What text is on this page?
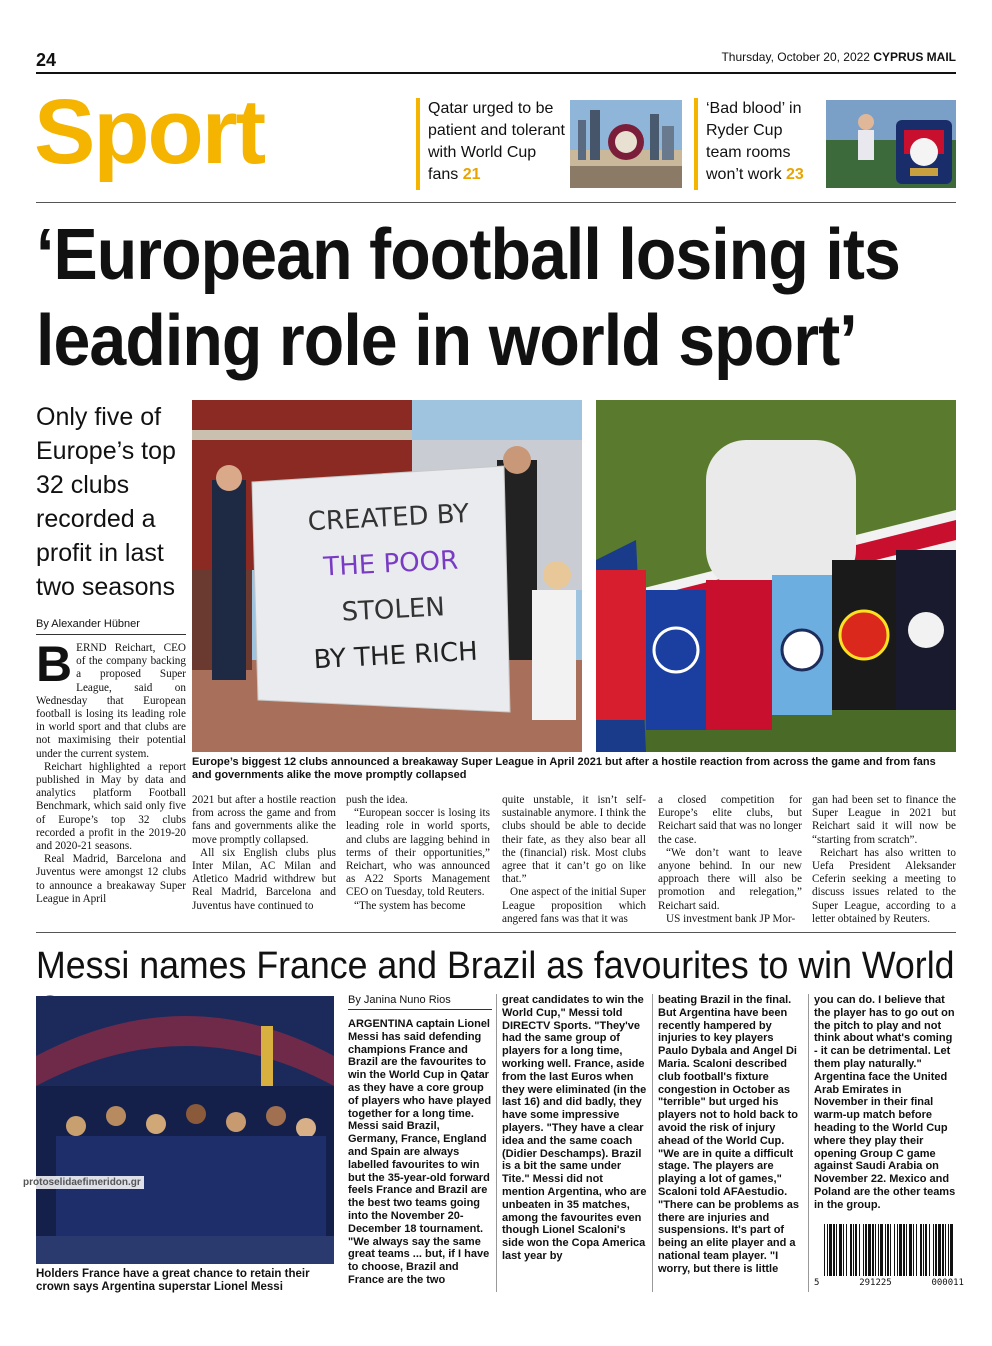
24	Thursday, October 20, 2022 CYPRUS MAIL
Sport	Qatar urged to be patient and tolerant with World Cup fans 21
‘Bad blood’ in Ryder Cup team rooms won’t work 23
‘European football losing its leading role in world sport’
Only five of Europe’s top 32 clubs recorded a profit in last two seasons
By Alexander Hübner
CREATED BY
THE POOR
STOLEN
BY THE RICH
Europe’s biggest 12 clubs announced a breakaway Super League in April 2021 but after a hostile reaction from across the game and from fans and governments alike the move promptly collapsed
B ERND Reichart, CEO of the company backing a proposed Super League, said on Wednesday that European football is losing its leading role in world sport and that clubs are not maximising their potential under the current system.

Reichart highlighted a report published in May by data and analytics platform Football Benchmark, which said only five of Europe’s top 32 clubs recorded a profit in the 2019-20 and 2020-21 seasons.

Real Madrid, Barcelona and Juventus were amongst 12 clubs to announce a breakaway Super League in April

2021 but after a hostile reaction from across the game and from fans and governments alike the move promptly collapsed.

All six English clubs plus Inter Milan, AC Milan and Atletico Madrid withdrew but Real Madrid, Barcelona and Juventus have continued to

push the idea.

“European soccer is losing its leading role in world sports, and clubs are lagging behind in terms of their opportunities,” Reichart, who was announced as A22 Sports Management CEO on Tuesday, told Reuters.

“The system has become

quite unstable, it isn’t self-sustainable anymore. I think the clubs should be able to decide their fate, as they also bear all the (financial) risk. Most clubs agree that it can’t go on like that.”

One aspect of the initial Super League proposition which angered fans was that it was

a closed competition for Europe’s elite clubs, but Reichart said that was no longer the case.

“We don’t want to leave anyone behind. In our new approach there will also be promotion and relegation,” Reichart said.

US investment bank JP Mor-

gan had been set to finance the Super League in 2021 but Reichart said it will now be “starting from scratch”.

Reichart has also written to Uefa President Aleksander Ceferin seeking a meeting to discuss issues related to the Super League, according to a letter obtained by Reuters.

Messi names France and Brazil as favourites to win World
protoselidaefimeridon.gr
Holders France have a great chance to retain their crown says Argentina superstar Lionel Messi
By Janina Nuno Rios
ARGENTINA captain Lionel Messi has said defending champions France and Brazil are the favourites to win the World Cup in Qatar as they have a core group of players who have played together for a long time. Messi said Brazil, Germany, France, England and Spain are always labelled favourites to win but the 35-year-old forward feels France and Brazil are the best two teams going into the November 20-December 18 tournament. "We always say the same great teams ... but, if I have to choose, Brazil and France are the two
great candidates to win the World Cup," Messi told DIRECTV Sports. "They've had the same group of players for a long time, working well. France, aside from the last Euros when they were eliminated (in the last 16) and did badly, they have some impressive players. "They have a clear idea and the same coach (Didier Deschamps). Brazil is a bit the same under Tite." Messi did not mention Argentina, who are unbeaten in 35 matches, among the favourites even though Lionel Scaloni's side won the Copa America last year by
beating Brazil in the final. But Argentina have been recently hampered by injuries to key players Paulo Dybala and Angel Di Maria. Scaloni described club football's fixture congestion in October as "terrible" but urged his players not to hold back to avoid the risk of injury ahead of the World Cup. "We are in quite a difficult stage. The players are playing a lot of games," Scaloni told AFAestudio. "There can be problems as there are injuries and suspensions. It's part of being an elite player and a national team player. "I worry, but there is little
you can do. I believe that the player has to go out on the pitch to play and not think about what's coming - it can be detrimental. Let them play naturally." Argentina face the United Arab Emirates in November in their final warm-up match before heading to the World Cup where they play their opening Group C game against Saudi Arabia on November 22. Mexico and Poland are the other teams in the group.
5	291225	000011
